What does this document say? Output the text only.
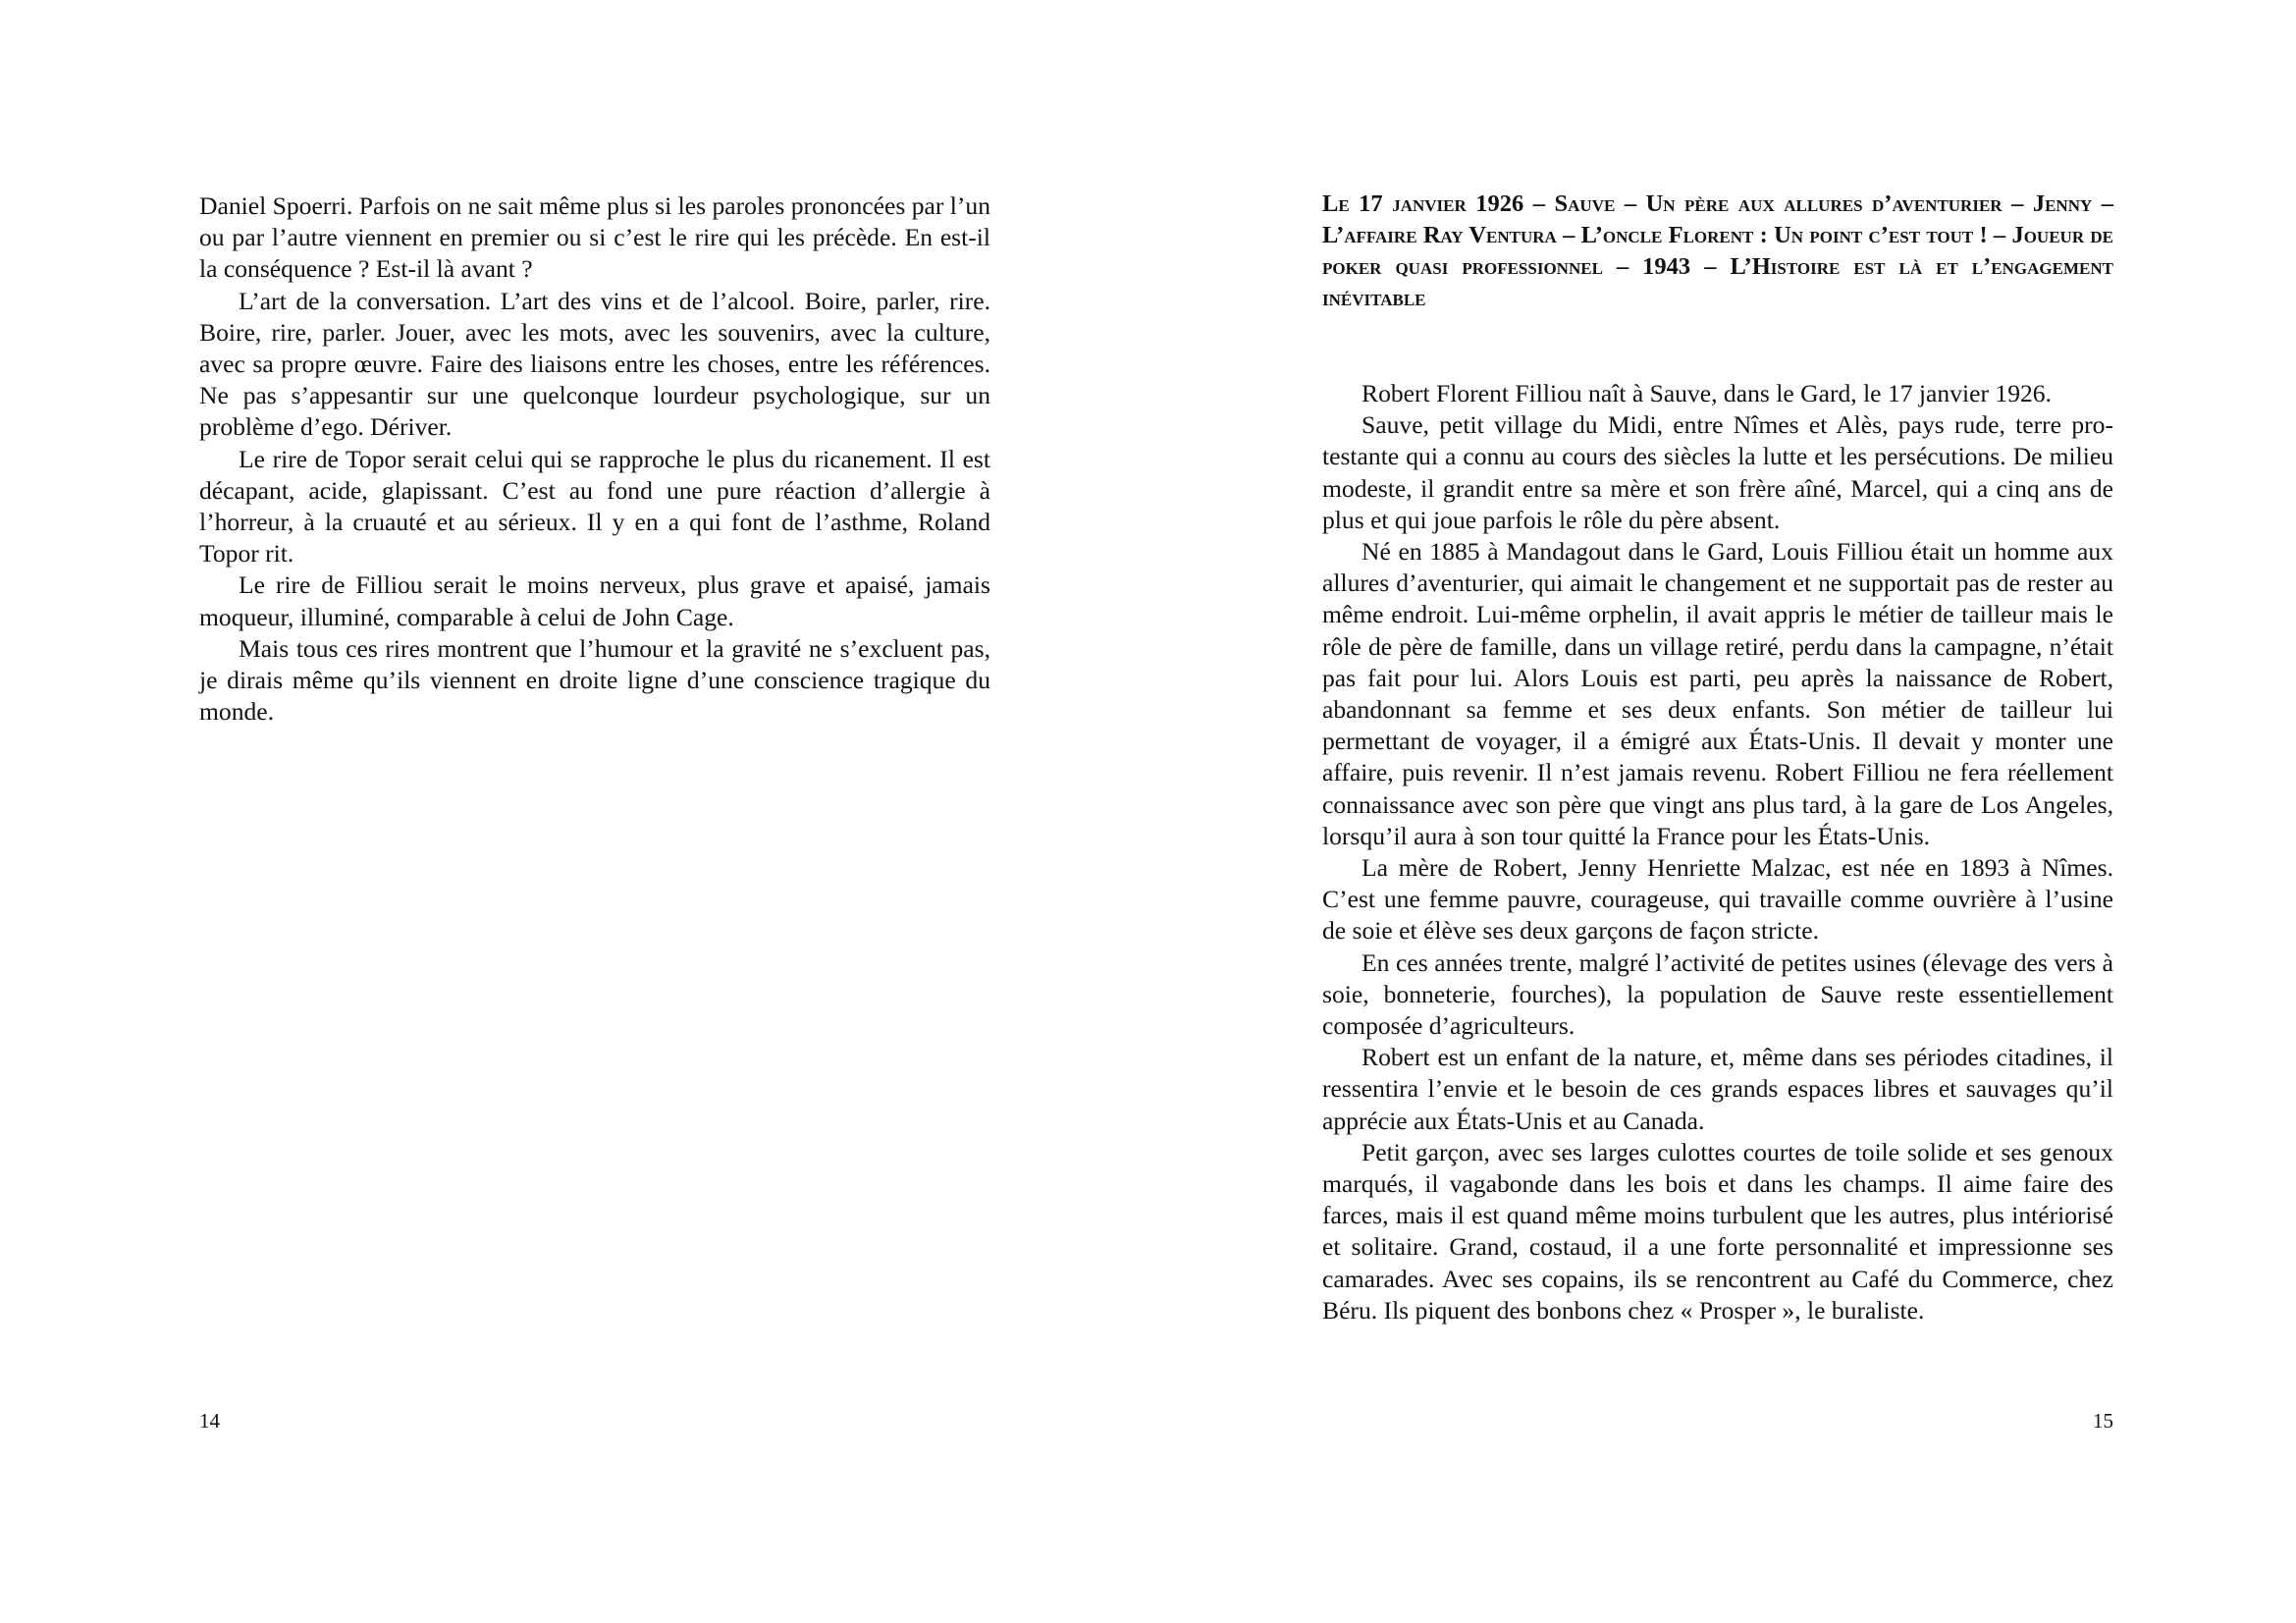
Daniel Spoerri. Parfois on ne sait même plus si les paroles prononcées par l’un ou par l’autre viennent en premier ou si c’est le rire qui les précède. En est-il la conséquence ? Est-il là avant ?

L’art de la conversation. L’art des vins et de l’alcool. Boire, parler, rire. Boire, rire, parler. Jouer, avec les mots, avec les souvenirs, avec la culture, avec sa propre œuvre. Faire des liaisons entre les choses, entre les références. Ne pas s’appesantir sur une quelconque lourdeur psychologique, sur un problème d’ego. Dériver.

Le rire de Topor serait celui qui se rapproche le plus du ricanement. Il est décapant, acide, glapissant. C’est au fond une pure réaction d’allergie à l’horreur, à la cruauté et au sérieux. Il y en a qui font de l’asthme, Roland Topor rit.

Le rire de Filliou serait le moins nerveux, plus grave et apaisé, jamais moqueur, illuminé, comparable à celui de John Cage.

Mais tous ces rires montrent que l’humour et la gravité ne s’excluent pas, je dirais même qu’ils viennent en droite ligne d’une conscience tragique du monde.

14
Le 17 janvier 1926 – Sauve – Un père aux allures d’aventurier – Jenny – L’affaire Ray Ventura – L’oncle Florent : Un point c’est tout ! – Joueur de poker quasi professionnel – 1943 – L’Histoire est là et l’engagement inévitable

Robert Florent Filliou naît à Sauve, dans le Gard, le 17 janvier 1926.

Sauve, petit village du Midi, entre Nîmes et Alès, pays rude, terre protestante qui a connu au cours des siècles la lutte et les persécutions. De milieu modeste, il grandit entre sa mère et son frère aîné, Marcel, qui a cinq ans de plus et qui joue parfois le rôle du père absent.

Né en 1885 à Mandagout dans le Gard, Louis Filliou était un homme aux allures d’aventurier, qui aimait le changement et ne supportait pas de rester au même endroit. Lui-même orphelin, il avait appris le métier de tailleur mais le rôle de père de famille, dans un village retiré, perdu dans la campagne, n’était pas fait pour lui. Alors Louis est parti, peu après la naissance de Robert, abandonnant sa femme et ses deux enfants. Son métier de tailleur lui permettant de voyager, il a émigré aux États-Unis. Il devait y monter une affaire, puis revenir. Il n’est jamais revenu. Robert Filliou ne fera réellement connaissance avec son père que vingt ans plus tard, à la gare de Los Angeles, lorsqu’il aura à son tour quitté la France pour les États-Unis.

La mère de Robert, Jenny Henriette Malzac, est née en 1893 à Nîmes. C’est une femme pauvre, courageuse, qui travaille comme ouvrière à l’usine de soie et élève ses deux garçons de façon stricte.

En ces années trente, malgré l’activité de petites usines (élevage des vers à soie, bonneterie, fourches), la population de Sauve reste essentiellement composée d’agriculteurs.

Robert est un enfant de la nature, et, même dans ses périodes citadines, il ressentira l’envie et le besoin de ces grands espaces libres et sauvages qu’il apprécie aux États-Unis et au Canada.

Petit garçon, avec ses larges culottes courtes de toile solide et ses genoux marqués, il vagabonde dans les bois et dans les champs. Il aime faire des farces, mais il est quand même moins turbulent que les autres, plus intériorisé et solitaire. Grand, costaud, il a une forte personnalité et impressionne ses camarades. Avec ses copains, ils se rencontrent au Café du Commerce, chez Béru. Ils piquent des bonbons chez « Prosper », le buraliste.

15
